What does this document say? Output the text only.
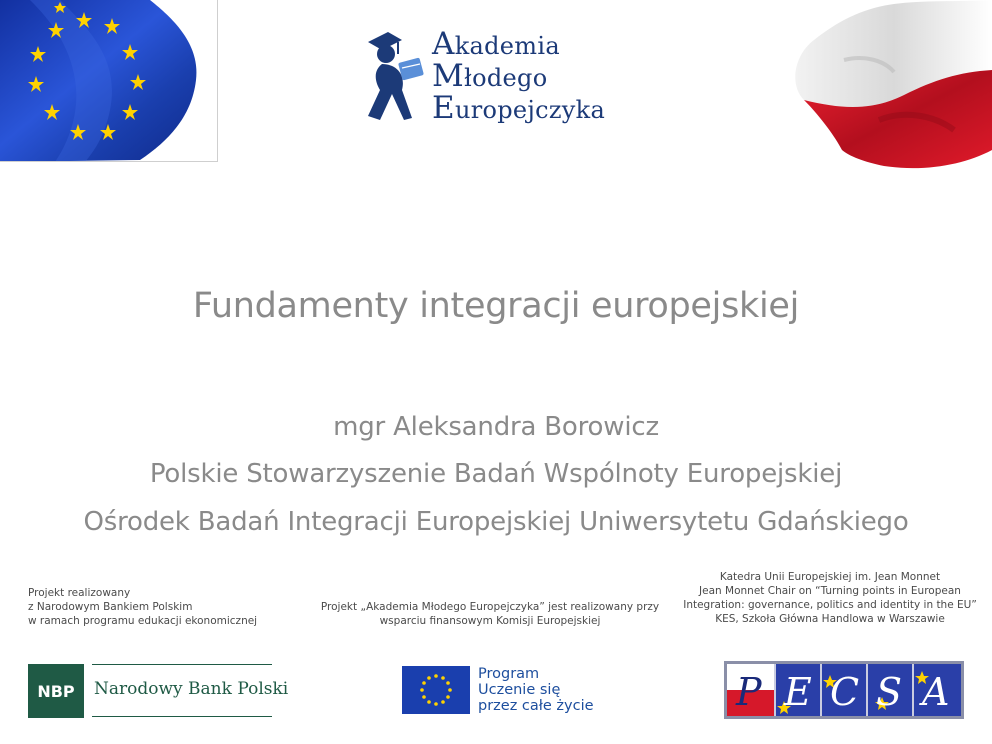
Akademia
Młodego
Europejczyka
Fundamenty integracji europejskiej
mgr Aleksandra Borowicz
Polskie Stowarzyszenie Badań Wspólnoty Europejskiej
Ośrodek Badań Integracji Europejskiej Uniwersytetu Gdańskiego
Projekt realizowany
z Narodowym Bankiem Polskim
w ramach programu edukacji ekonomicznej
Projekt „Akademia Młodego Europejczyka” jest realizowany przy
wsparciu finansowym Komisji Europejskiej
Katedra Unii Europejskiej im. Jean Monnet
Jean Monnet Chair on “Turning points in European
Integration: governance, politics and identity in the EU”
KES, Szkoła Główna Handlowa w Warszawie
NBP	Narodowy Bank Polski
Program
Uczenie się
przez całe życie	P E C S A
